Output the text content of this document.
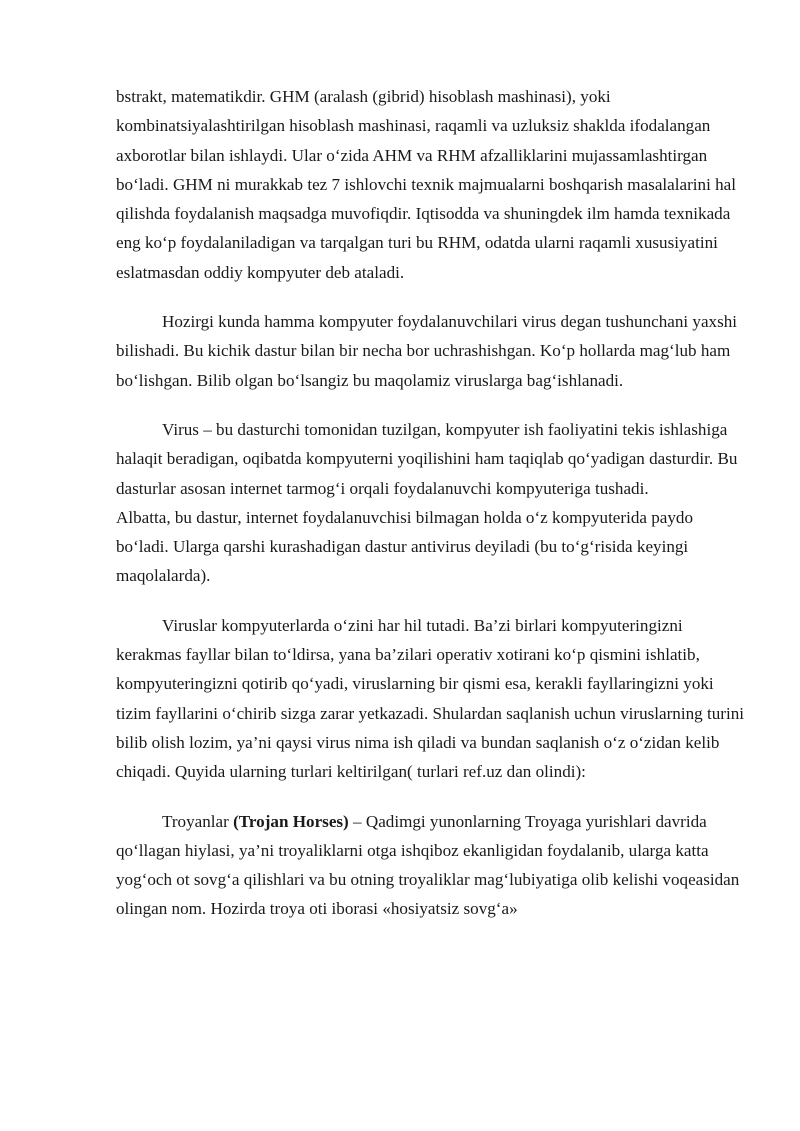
bstrakt, matematikdir. GHM (aralash (gibrid) hisoblash mashinasi), yoki kombinatsiyalashtirilgan hisoblash mashinasi, raqamli va uzluksiz shaklda ifodalangan axborotlar bilan ishlaydi. Ular o‘zida AHM va RHM afzalliklarini mujassamlashtirgan bo‘ladi. GHM ni murakkab tez 7 ishlovchi texnik majmualarni boshqarish masalalarini hal qilishda foydalanish maqsadga muvofiqdir. Iqtisodda va shuningdek ilm hamda texnikada eng ko‘p foydalaniladigan va tarqalgan turi bu RHM, odatda ularni raqamli xususiyatini eslatmasdan oddiy kompyuter deb ataladi.

Hozirgi kunda hamma kompyuter foydalanuvchilari virus degan tushunchani yaxshi bilishadi. Bu kichik dastur bilan bir necha bor uchrashishgan. Ko‘p hollarda mag‘lub ham bo‘lishgan. Bilib olgan bo‘lsangiz bu maqolamiz viruslarga bag‘ishlanadi.

Virus – bu dasturchi tomonidan tuzilgan, kompyuter ish faoliyatini tekis ishlashiga halaqit beradigan, oqibatda kompyuterni yoqilishini ham taqiqlab qo‘yadigan dasturdir. Bu dasturlar asosan internet tarmog‘i orqali foydalanuvchi kompyuteriga tushadi.

Albatta, bu dastur, internet foydalanuvchisi bilmagan holda o‘z kompyuterida paydo bo‘ladi. Ularga qarshi kurashadigan dastur antivirus deyiladi (bu to‘g‘risida keyingi maqolalarda).

Viruslar kompyuterlarda o‘zini har hil tutadi. Ba’zi birlari kompyuteringizni kerakmas fayllar bilan to‘ldirsa, yana ba’zilari operativ xotirani ko‘p qismini ishlatib, kompyuteringizni qotirib qo‘yadi, viruslarning bir qismi esa, kerakli fayllaringizni yoki tizim fayllarini o‘chirib sizga zarar yetkazadi. Shulardan saqlanish uchun viruslarning turini bilib olish lozim, ya’ni qaysi virus nima ish qiladi va bundan saqlanish o‘z o‘zidan kelib chiqadi. Quyida ularning turlari keltirilgan( turlari ref.uz dan olindi):

Troyanlar (Trojan Horses) – Qadimgi yunonlarning Troyaga yurishlari davrida qo‘llagan hiylasi, ya’ni troyaliklarni otga ishqiboz ekanligidan foydalanib, ularga katta yog‘och ot sovg‘a qilishlari va bu otning troyaliklar mag‘lubiyatiga olib kelishi voqeasidan olingan nom. Hozirda troya oti iborasi «hosiyatsiz sovg‘a»
